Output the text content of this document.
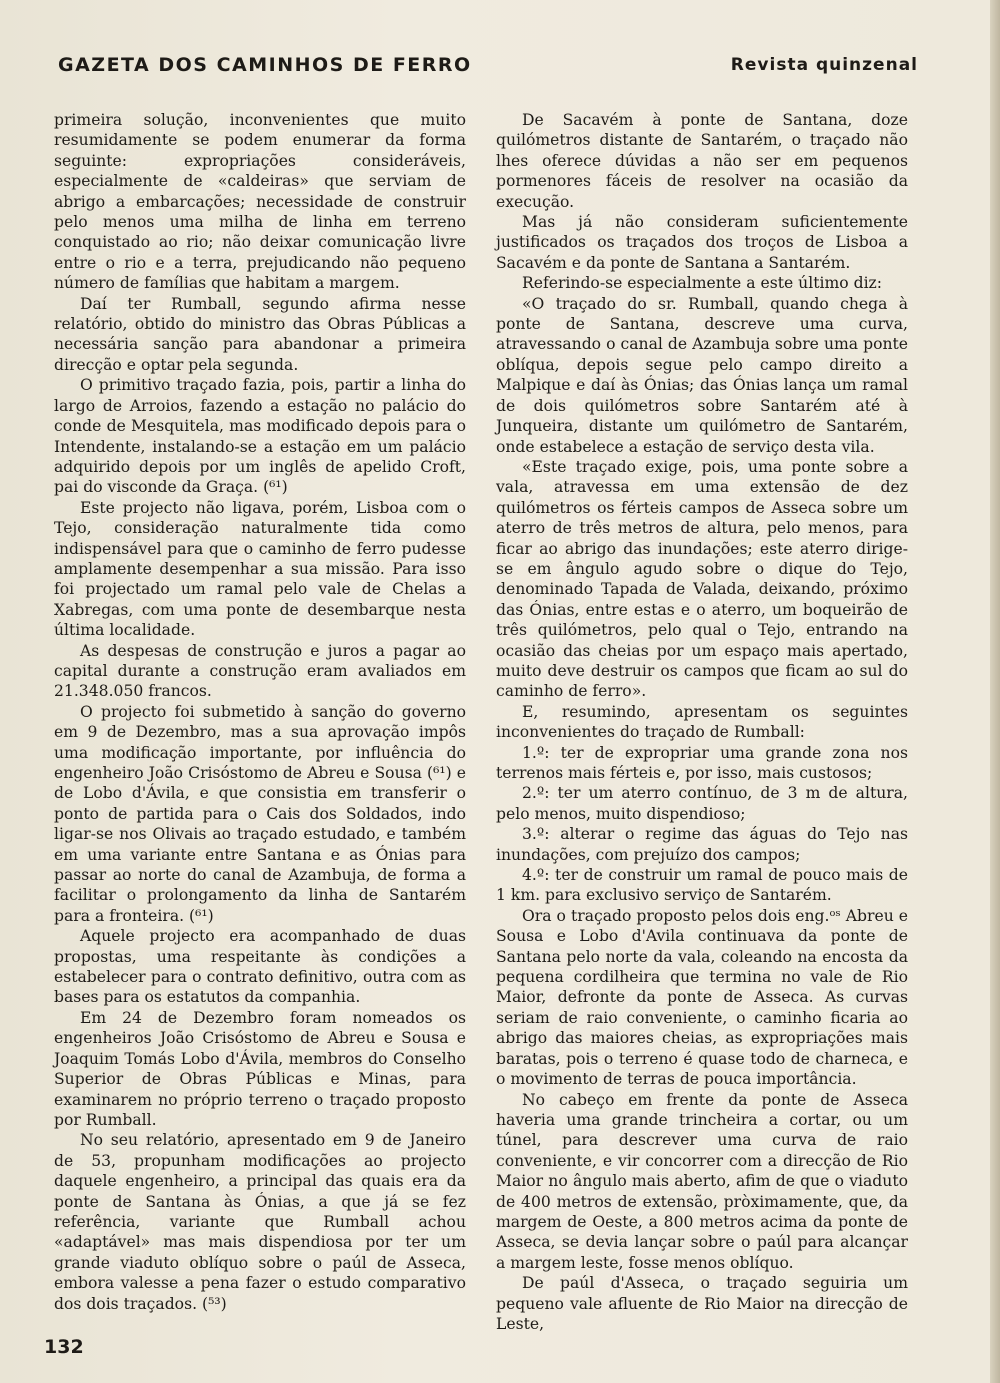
GAZETA DOS CAMINHOS DE FERRO	Revista quinzenal

primeira solução, inconvenientes que muito resumidamente se podem enumerar da forma seguinte: expropriações consideráveis, especialmente de «caldeiras» que serviam de abrigo a embarcações; necessidade de construir pelo menos uma milha de linha em terreno conquistado ao rio; não deixar comunicação livre entre o rio e a terra, prejudicando não pequeno número de famílias que habitam a margem.

Daí ter Rumball, segundo afirma nesse relatório, obtido do ministro das Obras Públicas a necessária sanção para abandonar a primeira direcção e optar pela segunda.

O primitivo traçado fazia, pois, partir a linha do largo de Arroios, fazendo a estação no palácio do conde de Mesquitela, mas modificado depois para o Intendente, instalando-se a estação em um palácio adquirido depois por um inglês de apelido Croft, pai do visconde da Graça. (⁶¹)

Este projecto não ligava, porém, Lisboa com o Tejo, consideração naturalmente tida como indispensável para que o caminho de ferro pudesse amplamente desempenhar a sua missão. Para isso foi projectado um ramal pelo vale de Chelas a Xabregas, com uma ponte de desembarque nesta última localidade.

As despesas de construção e juros a pagar ao capital durante a construção eram avaliados em 21.348.050 francos.

O projecto foi submetido à sanção do governo em 9 de Dezembro, mas a sua aprovação impôs uma modificação importante, por influência do engenheiro João Crisóstomo de Abreu e Sousa (⁶¹) e de Lobo d'Ávila, e que consistia em transferir o ponto de partida para o Cais dos Soldados, indo ligar-se nos Olivais ao traçado estudado, e também em uma variante entre Santana e as Ónias para passar ao norte do canal de Azambuja, de forma a facilitar o prolongamento da linha de Santarém para a fronteira. (⁶¹)

Aquele projecto era acompanhado de duas propostas, uma respeitante às condições a estabelecer para o contrato definitivo, outra com as bases para os estatutos da companhia.

Em 24 de Dezembro foram nomeados os engenheiros João Crisóstomo de Abreu e Sousa e Joaquim Tomás Lobo d'Ávila, membros do Conselho Superior de Obras Públicas e Minas, para examinarem no próprio terreno o traçado proposto por Rumball.

No seu relatório, apresentado em 9 de Janeiro de 53, propunham modificações ao projecto daquele engenheiro, a principal das quais era da ponte de Santana às Ónias, a que já se fez referência, variante que Rumball achou «adaptável» mas mais dispendiosa por ter um grande viaduto oblíquo sobre o paúl de Asseca, embora valesse a pena fazer o estudo comparativo dos dois traçados. (⁵³)

De Sacavém à ponte de Santana, doze quilómetros distante de Santarém, o traçado não lhes oferece dúvidas a não ser em pequenos pormenores fáceis de resolver na ocasião da execução.

Mas já não consideram suficientemente justificados os traçados dos troços de Lisboa a Sacavém e da ponte de Santana a Santarém.

Referindo-se especialmente a este último diz:

«O traçado do sr. Rumball, quando chega à ponte de Santana, descreve uma curva, atravessando o canal de Azambuja sobre uma ponte oblíqua, depois segue pelo campo direito a Malpique e daí às Ónias; das Ónias lança um ramal de dois quilómetros sobre Santarém até à Junqueira, distante um quilómetro de Santarém, onde estabelece a estação de serviço desta vila.

«Este traçado exige, pois, uma ponte sobre a vala, atravessa em uma extensão de dez quilómetros os férteis campos de Asseca sobre um aterro de três metros de altura, pelo menos, para ficar ao abrigo das inundações; este aterro dirige-se em ângulo agudo sobre o dique do Tejo, denominado Tapada de Valada, deixando, próximo das Ónias, entre estas e o aterro, um boqueirão de três quilómetros, pelo qual o Tejo, entrando na ocasião das cheias por um espaço mais apertado, muito deve destruir os campos que ficam ao sul do caminho de ferro».

E, resumindo, apresentam os seguintes inconvenientes do traçado de Rumball:

1.º: ter de expropriar uma grande zona nos terrenos mais férteis e, por isso, mais custosos;

2.º: ter um aterro contínuo, de 3 m de altura, pelo menos, muito dispendioso;

3.º: alterar o regime das águas do Tejo nas inundações, com prejuízo dos campos;

4.º: ter de construir um ramal de pouco mais de 1 km. para exclusivo serviço de Santarém.

Ora o traçado proposto pelos dois eng.ᵒˢ Abreu e Sousa e Lobo d'Avila continuava da ponte de Santana pelo norte da vala, coleando na encosta da pequena cordilheira que termina no vale de Rio Maior, defronte da ponte de Asseca. As curvas seriam de raio conveniente, o caminho ficaria ao abrigo das maiores cheias, as expropriações mais baratas, pois o terreno é quase todo de charneca, e o movimento de terras de pouca importância.

No cabeço em frente da ponte de Asseca haveria uma grande trincheira a cortar, ou um túnel, para descrever uma curva de raio conveniente, e vir concorrer com a direcção de Rio Maior no ângulo mais aberto, afim de que o viaduto de 400 metros de extensão, pròximamente, que, da margem de Oeste, a 800 metros acima da ponte de Asseca, se devia lançar sobre o paúl para alcançar a margem leste, fosse menos oblíquo.

De paúl d'Asseca, o traçado seguiria um pequeno vale afluente de Rio Maior na direcção de Leste,

132
